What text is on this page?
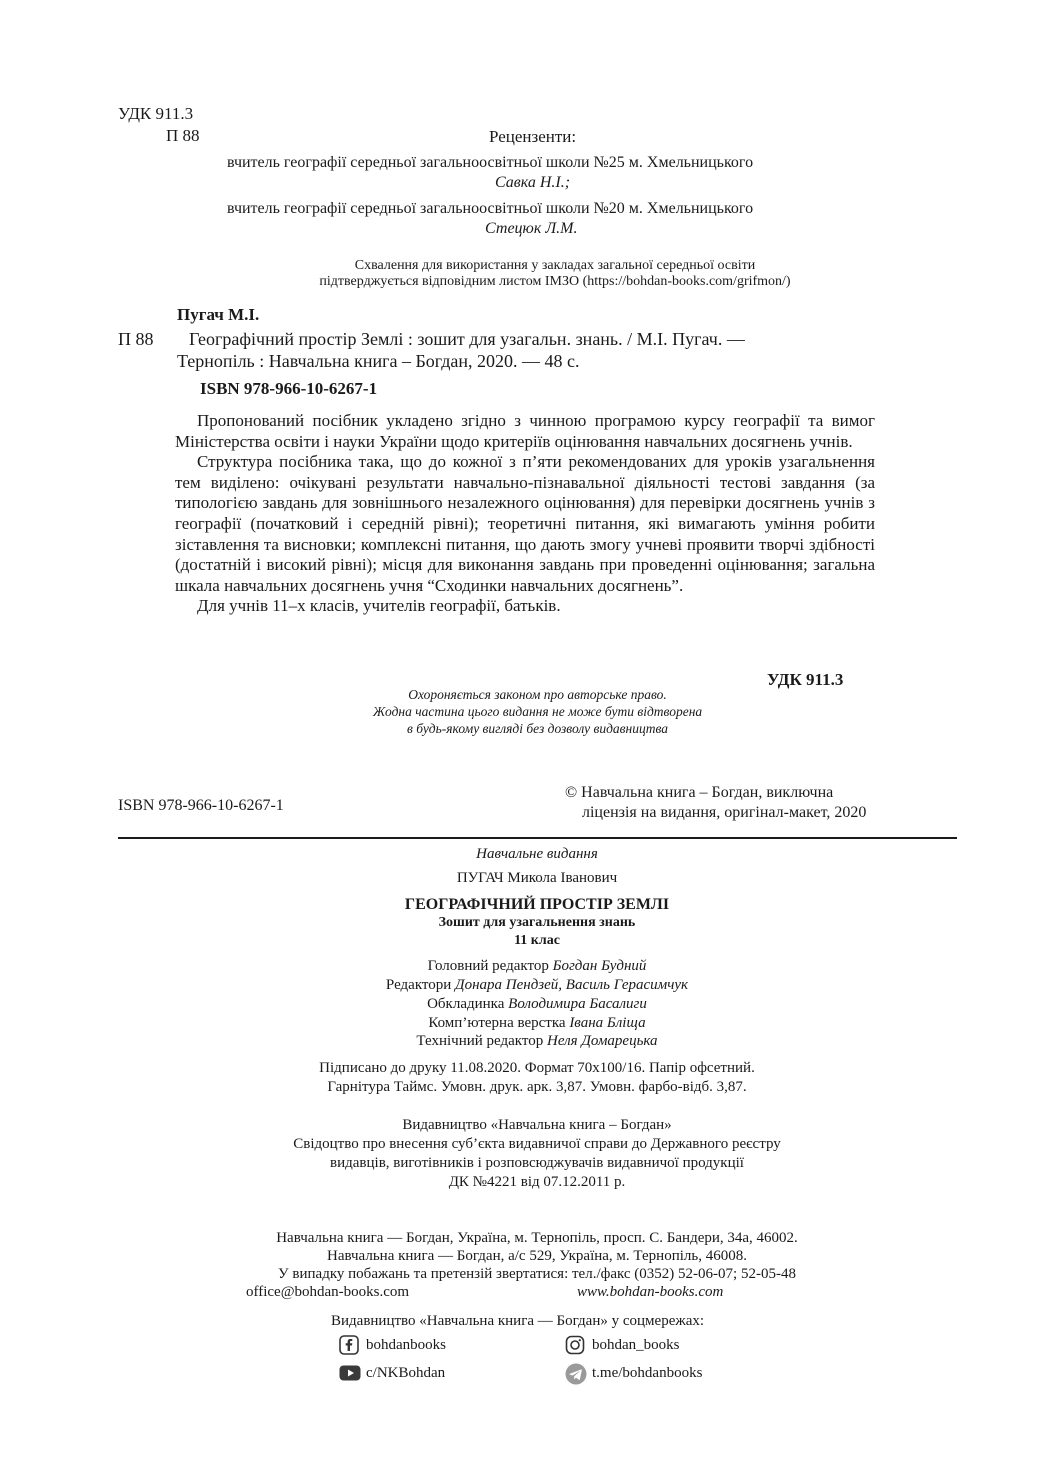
УДК 911.3
П 88	Рецензенти:
вчитель географії середньої загальноосвітньої школи №25 м. Хмельницького
Савка Н.І.;
вчитель географії середньої загальноосвітньої школи №20 м. Хмельницького
Стецюк Л.М.
Схвалення для використання у закладах загальної середньої освіти
підтверджується відповідним листом ІМЗО (https://bohdan-books.com/grifmon/)
Пугач М.І.
П 88 Географічний простір Землі : зошит для узагальн. знань. / М.І. Пугач. —
Тернопіль : Навчальна книга – Богдан, 2020. — 48 с.
ISBN 978-966-10-6267-1

Пропонований посібник укладено згідно з чинною програмою курсу географії та вимог Міністерства освіти і науки України щодо критеріїв оцінювання навчальних досягнень учнів.

Структура посібника така, що до кожної з п’яти рекомендованих для уроків узагальнення тем виділено: очікувані результати навчально-пізнавальної діяльності тестові завдання (за типологією завдань для зовнішнього незалежного оцінювання) для перевірки досягнень учнів з географії (початковий і середній рівні); теоретичні питання, які вимагають уміння робити зіставлення та висновки; комплексні питання, що дають змогу учневі проявити творчі здібності (достатній і високий рівні); місця для виконання завдань при проведенні оцінювання; загальна шкала навчальних досягнень учня “Сходинки навчальних досягнень”.

Для учнів 11–х класів, учителів географії, батьків.

УДК 911.3
Охороняється законом про авторське право.
Жодна частина цього видання не може бути відтворена
в будь-якому вигляді без дозволу видавництва
ISBN 978-966-10-6267-1
© Навчальна книга – Богдан, виключна
ліцензія на видання, оригінал-макет, 2020
Навчальне видання
ПУГАЧ Микола Іванович
ГЕОГРАФІЧНИЙ ПРОСТІР ЗЕМЛІ
Зошит для узагальнення знань
11 клас
Головний редактор Богдан Будний
Редактори Донара Пендзей, Василь Герасимчук
Обкладинка Володимира Басалиги
Комп’ютерна верстка Івана Бліща
Технічний редактор Неля Домарецька
Підписано до друку 11.08.2020. Формат 70х100/16. Папір офсетний.
Гарнітура Таймс. Умовн. друк. арк. 3,87. Умовн. фарбо-відб. 3,87.
Видавництво «Навчальна книга – Богдан»
Свідоцтво про внесення суб’єкта видавничої справи до Державного реєстру
видавців, виготівників і розповсюджувачів видавничої продукції
ДК №4221 від 07.12.2011 р.
Навчальна книга — Богдан, Україна, м. Тернопіль, просп. С. Бандери, 34а, 46002.
Навчальна книга — Богдан, а/с 529, Україна, м. Тернопіль, 46008.
У випадку побажань та претензій звертатися: тел./факс (0352) 52-06-07; 52-05-48
office@bohdan-books.com	www.bohdan-books.com
Видавництво «Навчальна книга — Богдан» у соцмережах:
bohdanbooks	bohdan_books
c/NKBohdan	t.me/bohdanbooks
